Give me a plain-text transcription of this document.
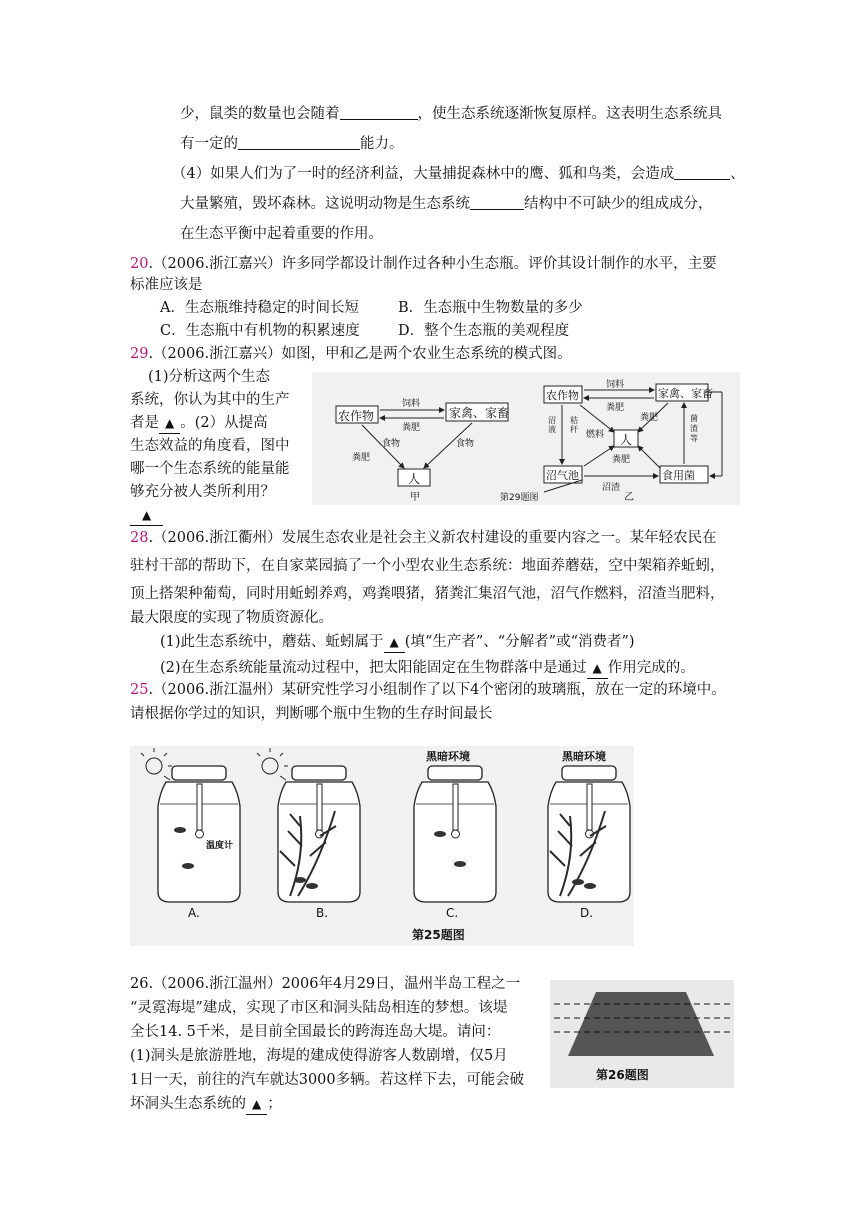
少，鼠类的数量也会随着	，使生态系统逐渐恢复原样。这表明生态系统具
有一定的	能力。
（4）如果人们为了一时的经济利益，大量捕捉森林中的鹰、狐和鸟类，会造成	、
大量繁殖，毁坏森林。这说明动物是生态系统	结构中不可缺少的组成成分，
在生态平衡中起着重要的作用。
20.（2006.浙江嘉兴）许多同学都设计制作过各种小生态瓶。评价其设计制作的水平，主要
标准应该是
A．生态瓶维持稳定的时间长短	B．生态瓶中生物数量的多少
C．生态瓶中有机物的积累速度	D．整个生态瓶的美观程度
29.（2006.浙江嘉兴）如图，甲和乙是两个农业生态系统的模式图。
(1)分析这两个生态
系统，你认为其中的生产
者是 ▲ 。(2）从提高
生态效益的角度看，图中
哪一个生态系统的能量能
够充分被人类所利用？
▲
农作物	家禽、家畜
人
饲料
粪肥
食物
粪肥
食物
甲
农作物	家禽、家畜
人
沼气池	食用菌
饲料
粪肥
燃料
秸秆
沼液
沼渣
粪肥	菌渣等
粪肥
乙
第29题图
28.（2006.浙江衢州）发展生态农业是社会主义新农村建设的重要内容之一。某年轻农民在
驻村干部的帮助下，在自家菜园搞了一个小型农业生态系统：地面养蘑菇，空中架箱养蚯蚓，
顶上搭架种葡萄，同时用蚯蚓养鸡，鸡粪喂猪，猪粪汇集沼气池，沼气作燃料，沼渣当肥料，
最大限度的实现了物质资源化。
(1)此生态系统中，蘑菇、蚯蚓属于 ▲ (填“生产者”、“分解者”或“消费者”)
(2)在生态系统能量流动过程中，把太阳能固定在生物群落中是通过 ▲ 作用完成的。
25.（2006.浙江温州）某研究性学习小组制作了以下4个密闭的玻璃瓶，放在一定的环境中。
请根据你学过的知识，判断哪个瓶中生物的生存时间最长
温度计
黑暗环境	黑暗环境
A.	B.	C.	D.
第25题图
26.（2006.浙江温州）2006年4月29日，温州半岛工程之一
“灵霓海堤”建成，实现了市区和洞头陆岛相连的梦想。该堤
全长14. 5千米，是目前全国最长的跨海连岛大堤。请问：
(1)洞头是旅游胜地，海堤的建成使得游客人数剧增，仅5月
1日一天，前往的汽车就达3000多辆。若这样下去，可能会破
坏洞头生态系统的 ▲ ；
第26题图
